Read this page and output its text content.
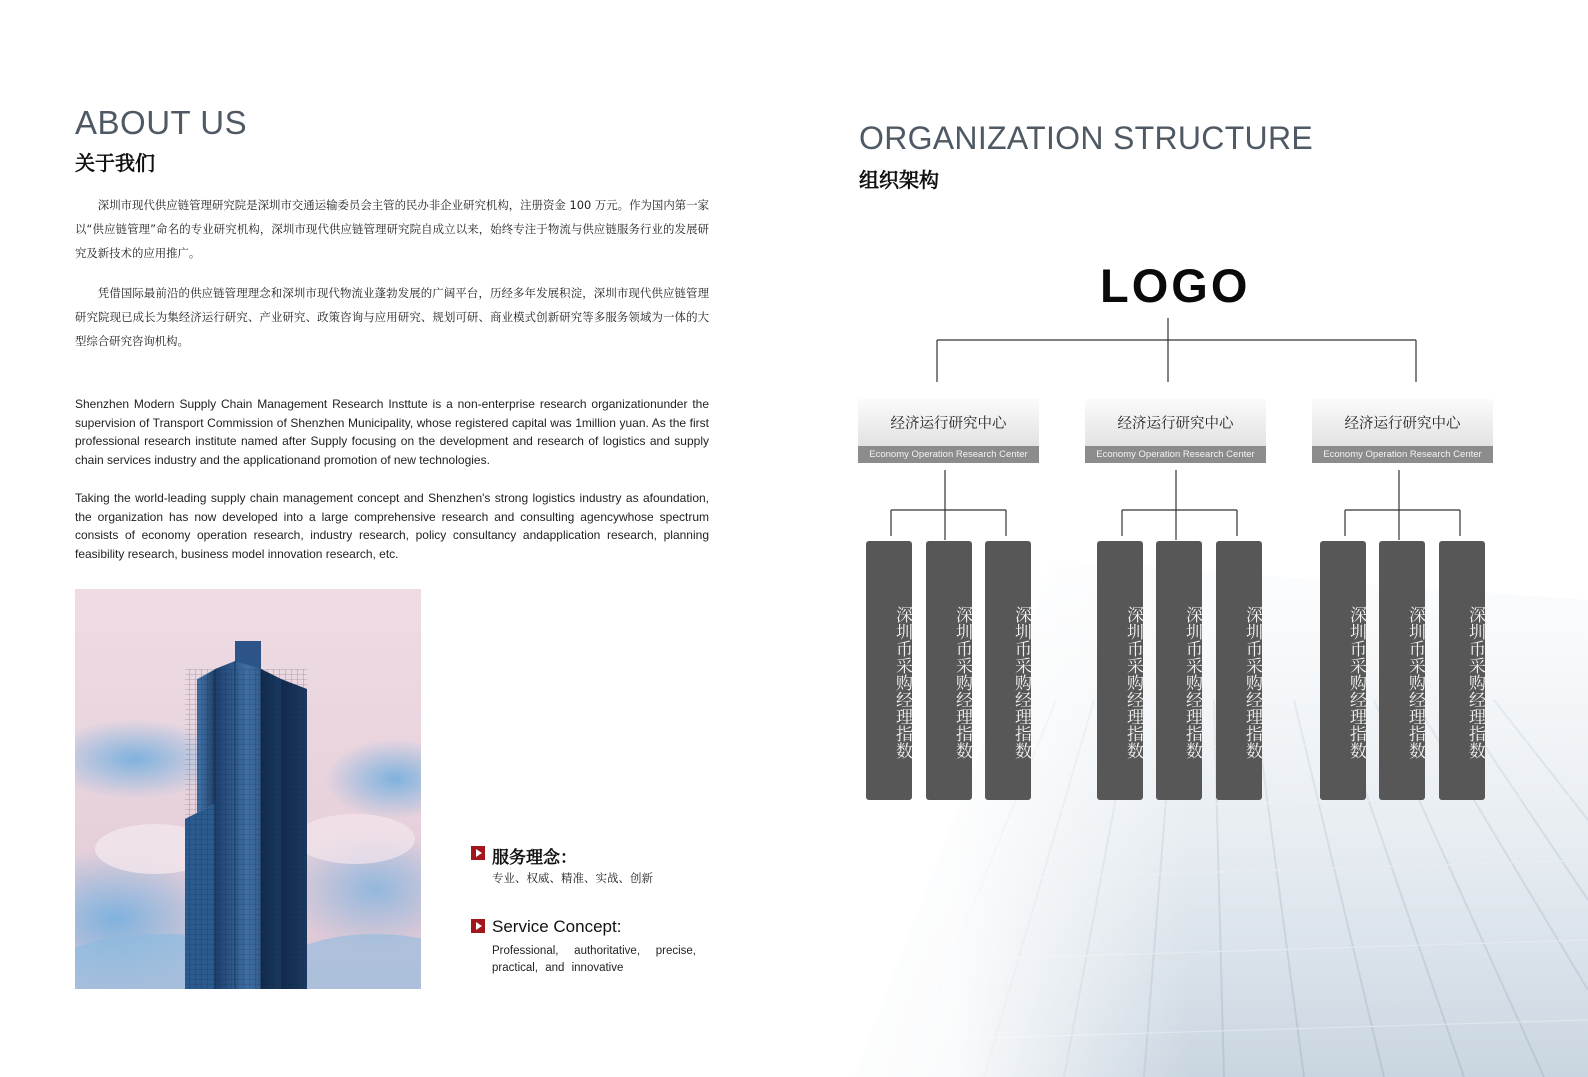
ABOUT US
关于我们

深圳市现代供应链管理研究院是深圳市交通运输委员会主管的民办非企业研究机构，注册资金 100 万元。作为国内第一家以“供应链管理”命名的专业研究机构，深圳市现代供应链管理研究院自成立以来，始终专注于物流与供应链服务行业的发展研究及新技术的应用推广。

凭借国际最前沿的供应链管理理念和深圳市现代物流业蓬勃发展的广阔平台，历经多年发展积淀，深圳市现代供应链管理研究院现已成长为集经济运行研究、产业研究、政策咨询与应用研究、规划可研、商业模式创新研究等多服务领域为一体的大型综合研究咨询机构。

Shenzhen Modern Supply Chain Management Research Insttute is a non-enterprise research organizationunder the supervision of Transport Commission of Shenzhen Municipality, whose registered capital was 1million yuan. As the first professional research institute named after Supply focusing on the development and research of logistics and supply chain services industry and the applicationand promotion of new technologies.

Taking the world-leading supply chain management concept and Shenzhen's strong logistics industry as afoundation, the organization has now developed into a large comprehensive research and consulting agencywhose spectrum consists of economy operation research, industry research, policy consultancy andapplication research, planning feasibility research, business model innovation research, etc.

服务理念：
专业、权威、精准、实战、创新
Service Concept:
Professional, authoritative, precise, practical, and innovative
ORGANIZATION STRUCTURE
组织架构
LOGO
经济运行研究中心
Economy Operation Research Center
经济运行研究中心
Economy Operation Research Center
经济运行研究中心
Economy Operation Research Center
深圳币采购经理指数	深圳币采购经理指数	深圳币采购经理指数	深圳币采购经理指数	深圳币采购经理指数	深圳币采购经理指数	深圳币采购经理指数	深圳币采购经理指数	深圳币采购经理指数
